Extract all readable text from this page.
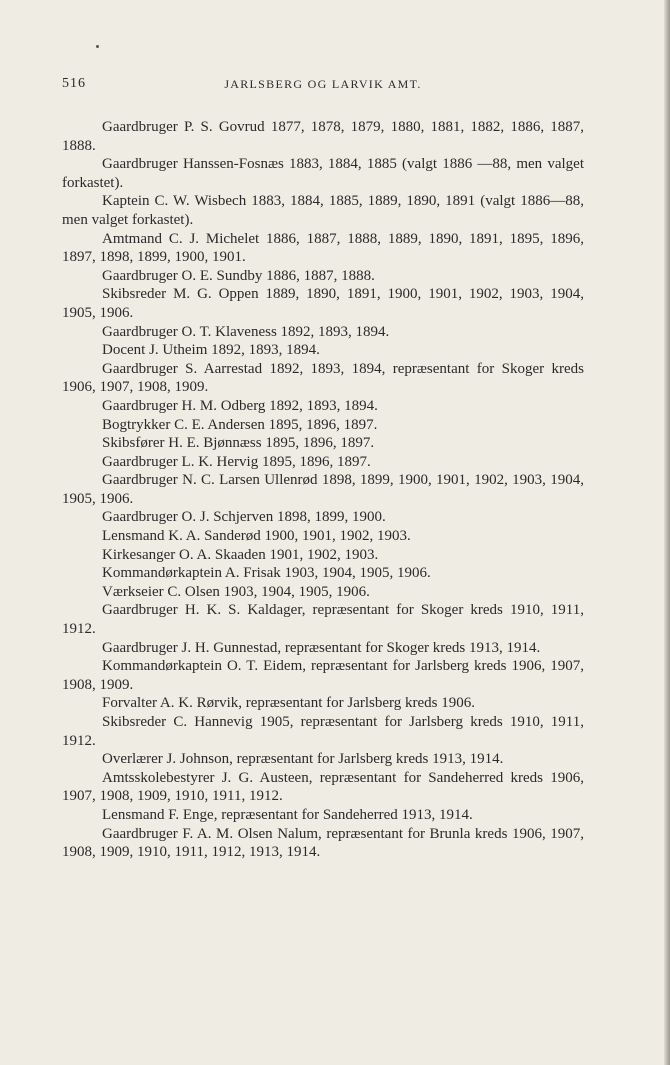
516	JARLSBERG OG LARVIK AMT.

Gaardbruger P. S. Govrud 1877, 1878, 1879, 1880, 1881, 1882, 1886, 1887, 1888.

Gaardbruger Hanssen-Fosnæs 1883, 1884, 1885 (valgt 1886 —88, men valget forkastet).

Kaptein C. W. Wisbech 1883, 1884, 1885, 1889, 1890, 1891 (valgt 1886—88, men valget forkastet).

Amtmand C. J. Michelet 1886, 1887, 1888, 1889, 1890, 1891, 1895, 1896, 1897, 1898, 1899, 1900, 1901.

Gaardbruger O. E. Sundby 1886, 1887, 1888.

Skibsreder M. G. Oppen 1889, 1890, 1891, 1900, 1901, 1902, 1903, 1904, 1905, 1906.

Gaardbruger O. T. Klaveness 1892, 1893, 1894.

Docent J. Utheim 1892, 1893, 1894.

Gaardbruger S. Aarrestad 1892, 1893, 1894, repræsentant for Skoger kreds 1906, 1907, 1908, 1909.

Gaardbruger H. M. Odberg 1892, 1893, 1894.

Bogtrykker C. E. Andersen 1895, 1896, 1897.

Skibsfører H. E. Bjønnæss 1895, 1896, 1897.

Gaardbruger L. K. Hervig 1895, 1896, 1897.

Gaardbruger N. C. Larsen Ullenrød 1898, 1899, 1900, 1901, 1902, 1903, 1904, 1905, 1906.

Gaardbruger O. J. Schjerven 1898, 1899, 1900.

Lensmand K. A. Sanderød 1900, 1901, 1902, 1903.

Kirkesanger O. A. Skaaden 1901, 1902, 1903.

Kommandørkaptein A. Frisak 1903, 1904, 1905, 1906.

Værkseier C. Olsen 1903, 1904, 1905, 1906.

Gaardbruger H. K. S. Kaldager, repræsentant for Skoger kreds 1910, 1911, 1912.

Gaardbruger J. H. Gunnestad, repræsentant for Skoger kreds 1913, 1914.

Kommandørkaptein O. T. Eidem, repræsentant for Jarlsberg kreds 1906, 1907, 1908, 1909.

Forvalter A. K. Rørvik, repræsentant for Jarlsberg kreds 1906.

Skibsreder C. Hannevig 1905, repræsentant for Jarlsberg kreds 1910, 1911, 1912.

Overlærer J. Johnson, repræsentant for Jarlsberg kreds 1913, 1914.

Amtsskolebestyrer J. G. Austeen, repræsentant for Sandeherred kreds 1906, 1907, 1908, 1909, 1910, 1911, 1912.

Lensmand F. Enge, repræsentant for Sandeherred 1913, 1914.

Gaardbruger F. A. M. Olsen Nalum, repræsentant for Brunla kreds 1906, 1907, 1908, 1909, 1910, 1911, 1912, 1913, 1914.
